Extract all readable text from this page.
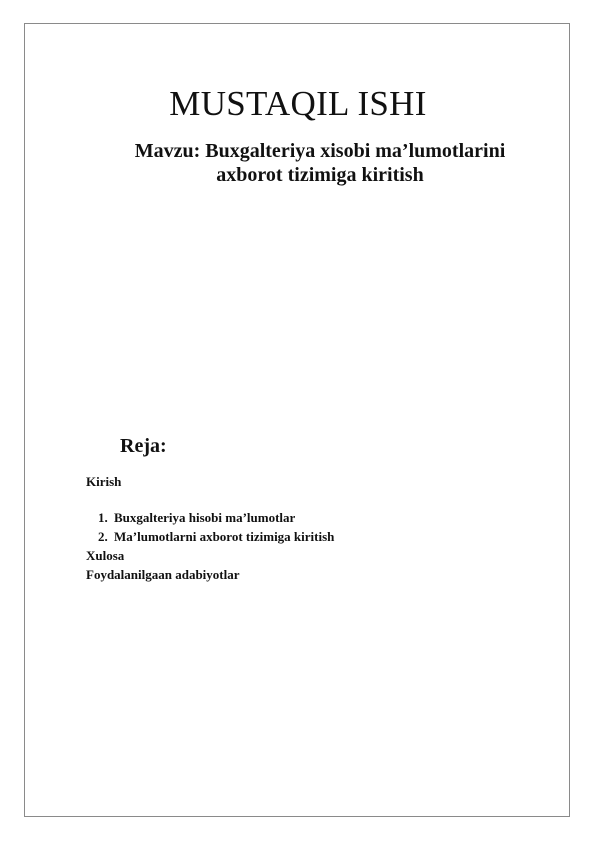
MUSTAQIL ISHI
Mavzu: Buxgalteriya xisobi ma’lumotlarini
axborot tizimiga kiritish
Reja:
Kirish
1. Buxgalteriya hisobi ma’lumotlar
2. Ma’lumotlarni axborot tizimiga kiritish
Xulosa
Foydalanilgaan adabiyotlar
